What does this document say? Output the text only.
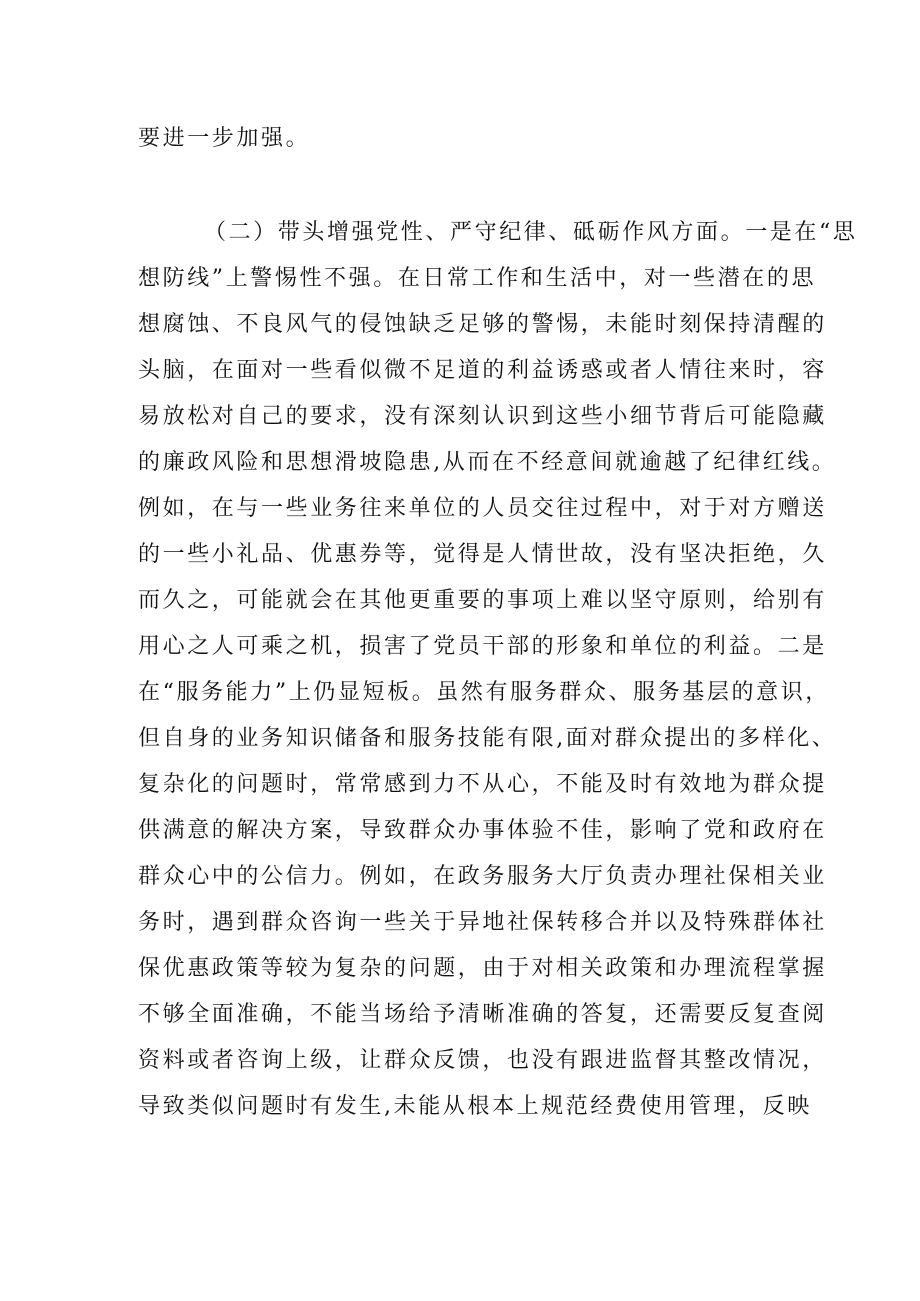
要进一步加强。
（二）带头增强党性、严守纪律、砥砺作风方面。一是在“思
想防线”上警惕性不强。在日常工作和生活中，对一些潜在的思
想腐蚀、不良风气的侵蚀缺乏足够的警惕，未能时刻保持清醒的
头脑，在面对一些看似微不足道的利益诱惑或者人情往来时，容
易放松对自己的要求，没有深刻认识到这些小细节背后可能隐藏
的廉政风险和思想滑坡隐患,从而在不经意间就逾越了纪律红线。
例如，在与一些业务往来单位的人员交往过程中，对于对方赠送
的一些小礼品、优惠券等，觉得是人情世故，没有坚决拒绝，久
而久之，可能就会在其他更重要的事项上难以坚守原则，给别有
用心之人可乘之机，损害了党员干部的形象和单位的利益。二是
在“服务能力”上仍显短板。虽然有服务群众、服务基层的意识，
但自身的业务知识储备和服务技能有限,面对群众提出的多样化、
复杂化的问题时，常常感到力不从心，不能及时有效地为群众提
供满意的解决方案，导致群众办事体验不佳，影响了党和政府在
群众心中的公信力。例如，在政务服务大厅负责办理社保相关业
务时，遇到群众咨询一些关于异地社保转移合并以及特殊群体社
保优惠政策等较为复杂的问题，由于对相关政策和办理流程掌握
不够全面准确，不能当场给予清晰准确的答复，还需要反复查阅
资料或者咨询上级，让群众反馈，也没有跟进监督其整改情况，
导致类似问题时有发生,未能从根本上规范经费使用管理，反映
